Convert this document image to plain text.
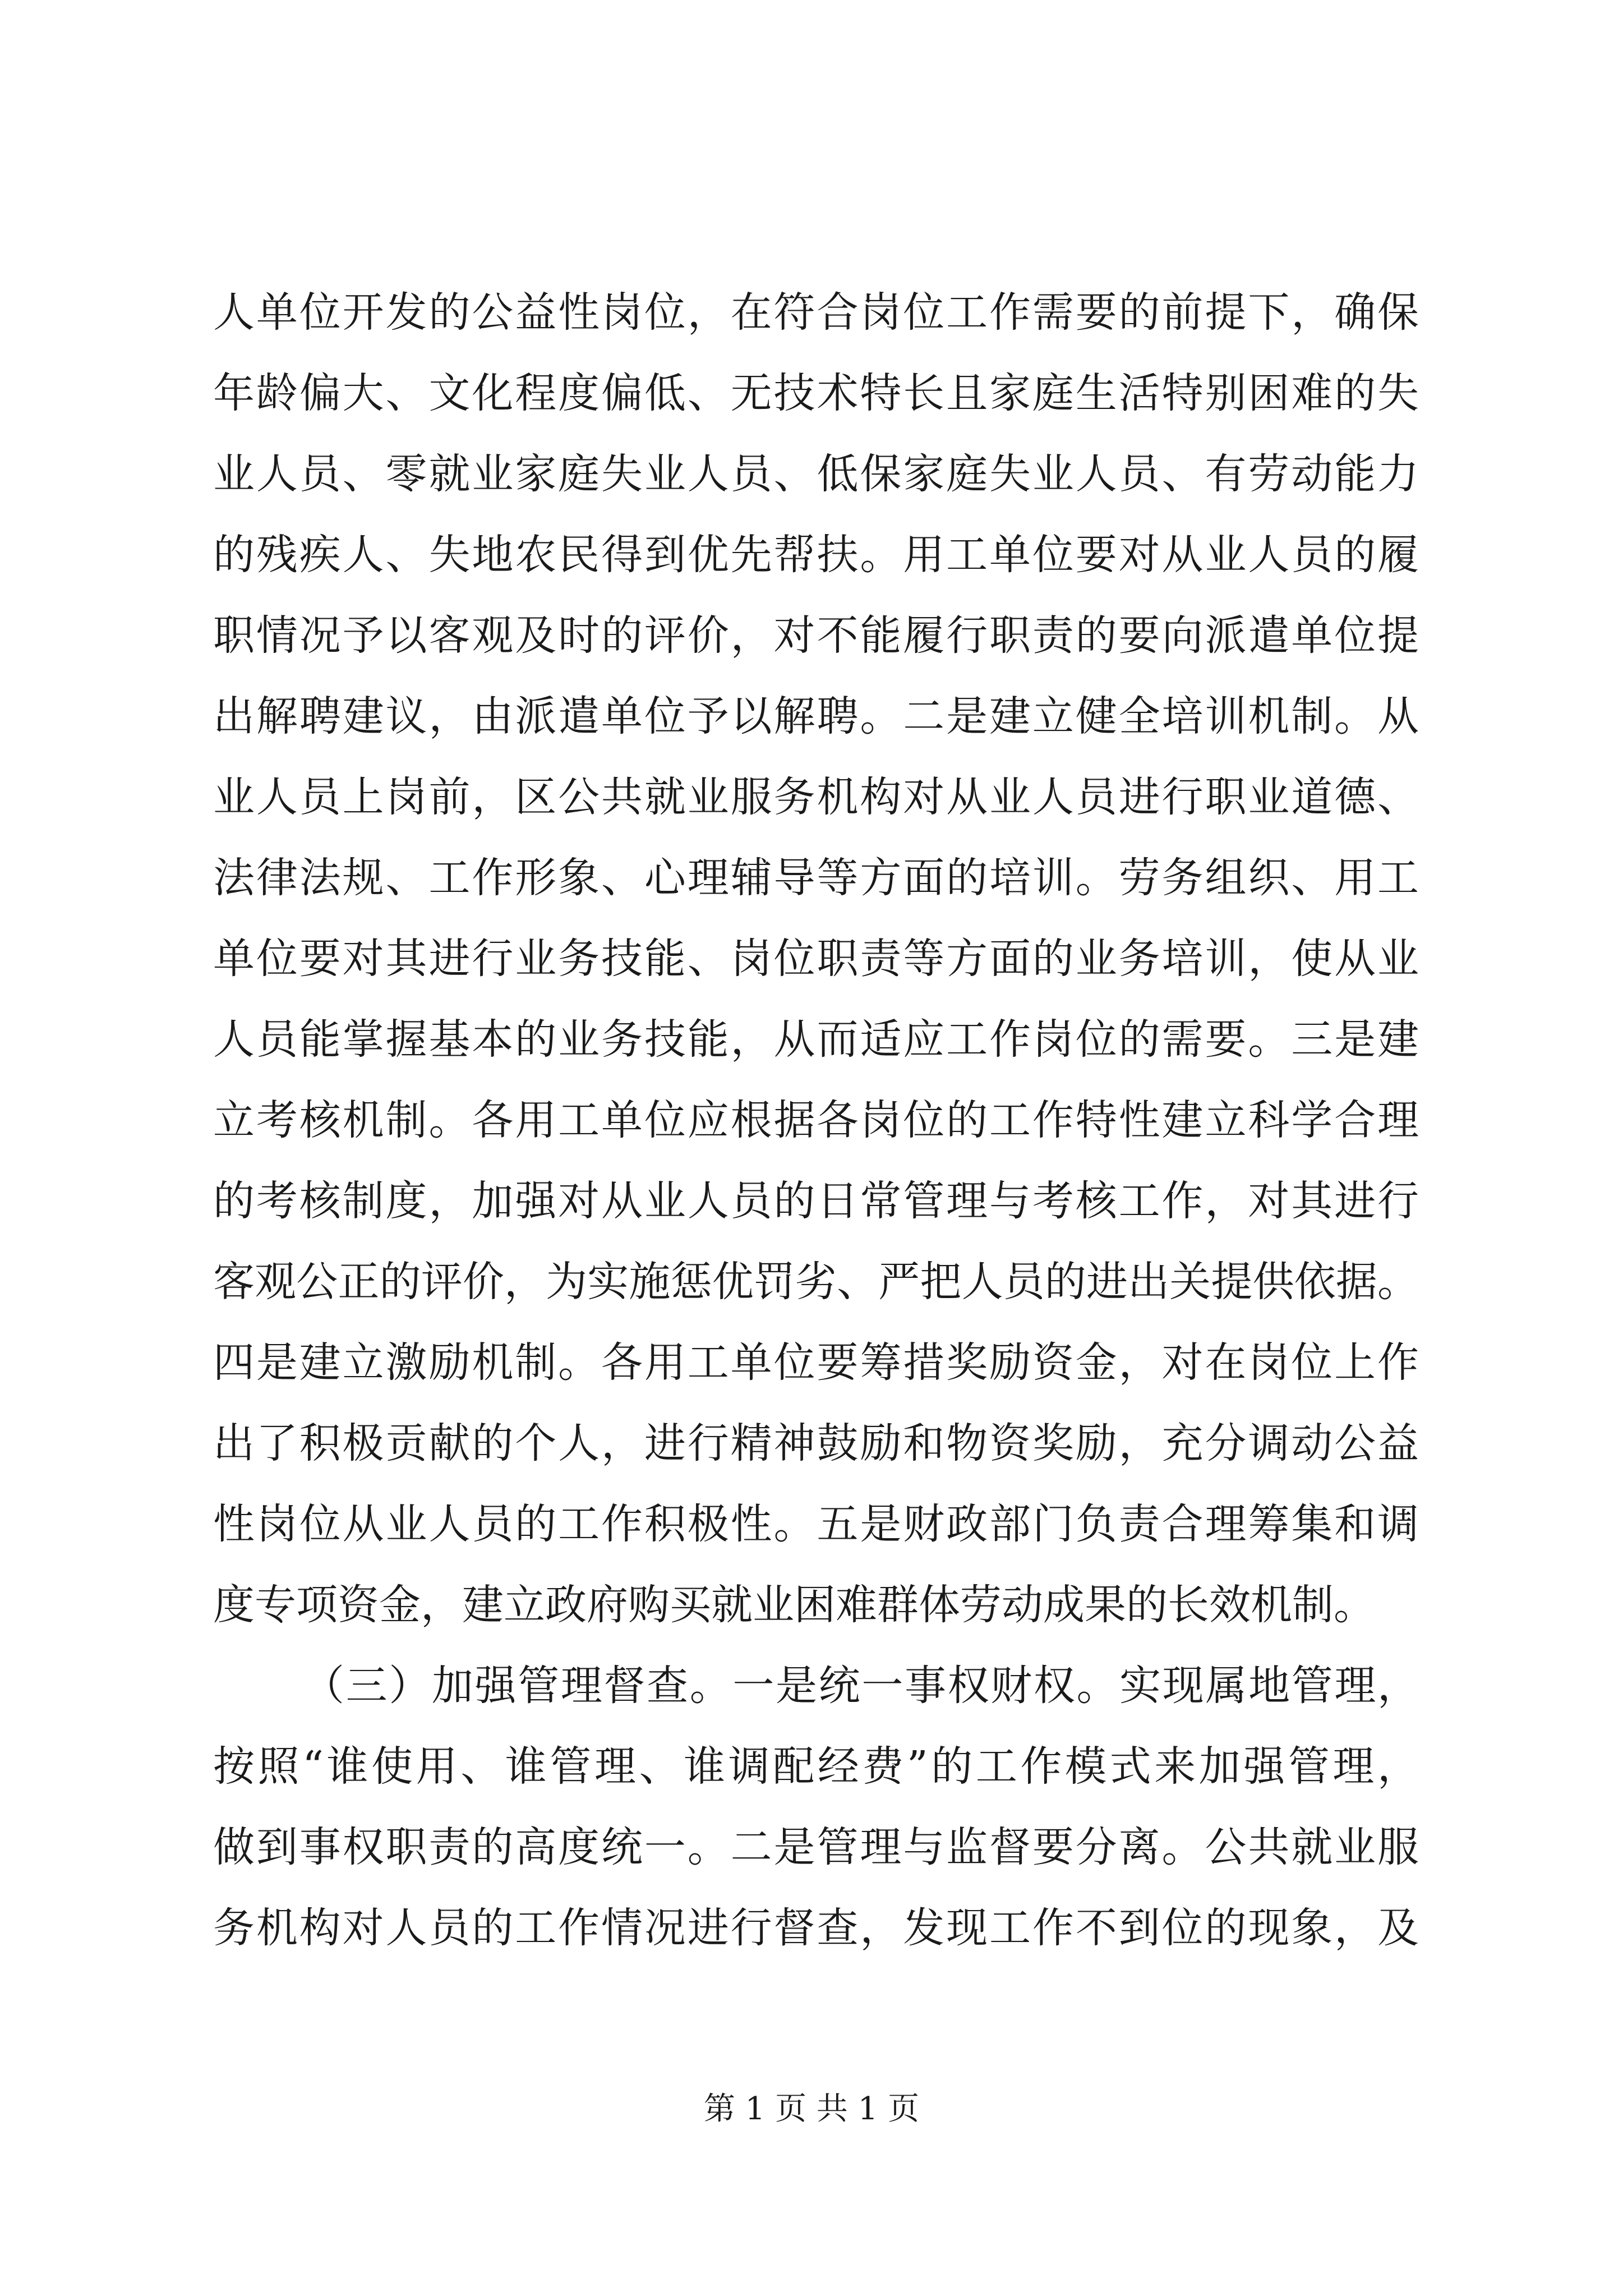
人单位开发的公益性岗位，在符合岗位工作需要的前提下，确保
年龄偏大、文化程度偏低、无技术特长且家庭生活特别困难的失
业人员、零就业家庭失业人员、低保家庭失业人员、有劳动能力
的残疾人、失地农民得到优先帮扶。用工单位要对从业人员的履
职情况予以客观及时的评价，对不能履行职责的要向派遣单位提
出解聘建议，由派遣单位予以解聘。二是建立健全培训机制。从
业人员上岗前，区公共就业服务机构对从业人员进行职业道德、
法律法规、工作形象、心理辅导等方面的培训。劳务组织、用工
单位要对其进行业务技能、岗位职责等方面的业务培训，使从业
人员能掌握基本的业务技能，从而适应工作岗位的需要。三是建
立考核机制。各用工单位应根据各岗位的工作特性建立科学合理
的考核制度，加强对从业人员的日常管理与考核工作，对其进行
客观公正的评价，为实施惩优罚劣、严把人员的进出关提供依据。
四是建立激励机制。各用工单位要筹措奖励资金，对在岗位上作
出了积极贡献的个人，进行精神鼓励和物资奖励，充分调动公益
性岗位从业人员的工作积极性。五是财政部门负责合理筹集和调
度专项资金，建立政府购买就业困难群体劳动成果的长效机制。
（三）加强管理督查。一是统一事权财权。实现属地管理，
按照“谁使用、谁管理、谁调配经费”的工作模式来加强管理，
做到事权职责的高度统一。二是管理与监督要分离。公共就业服
务机构对人员的工作情况进行督查，发现工作不到位的现象，及
第 1 页 共 1 页
